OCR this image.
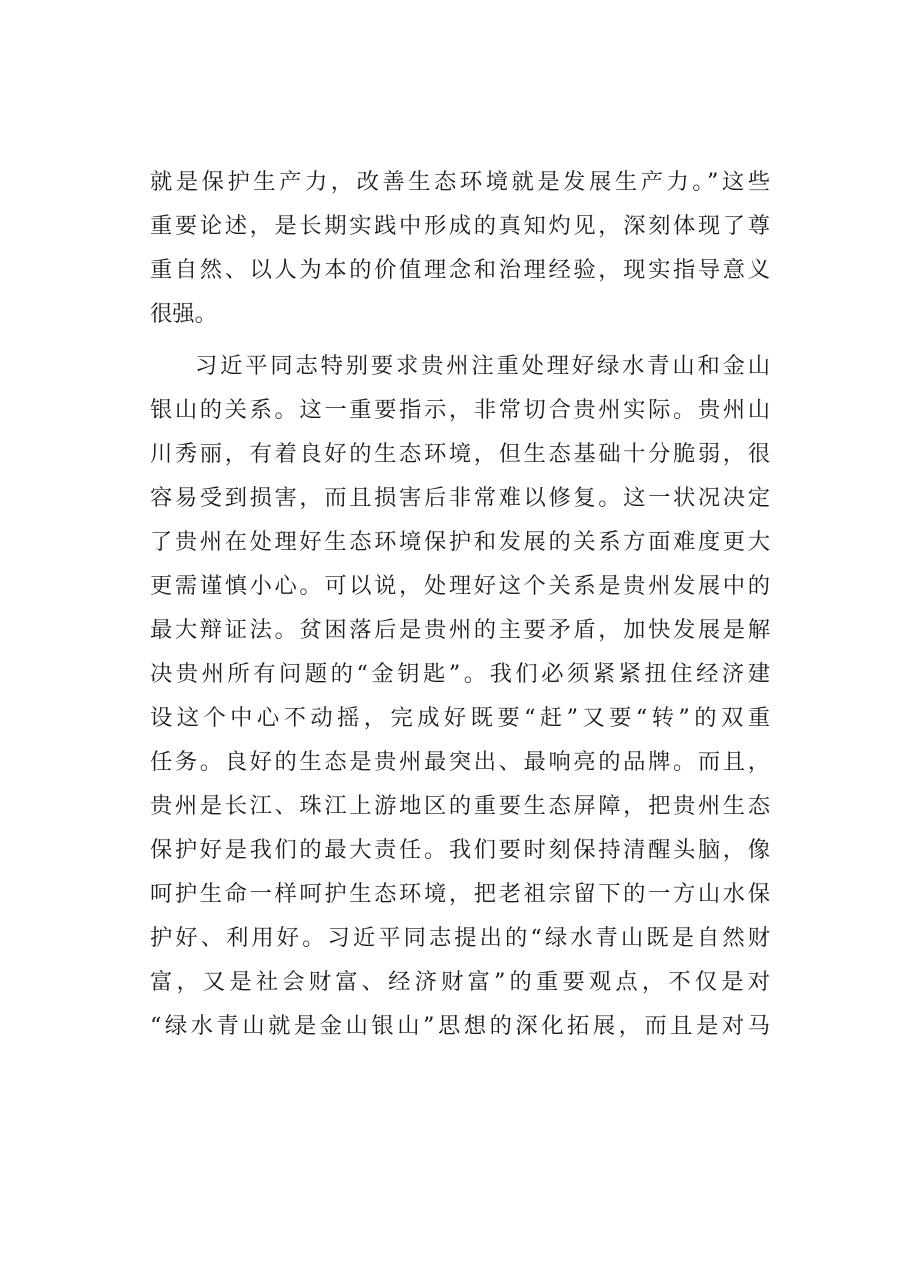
就是保护生产力，改善生态环境就是发展生产力。”这些
重要论述，是长期实践中形成的真知灼见，深刻体现了尊
重自然、以人为本的价值理念和治理经验，现实指导意义
很强。
习近平同志特别要求贵州注重处理好绿水青山和金山
银山的关系。这一重要指示，非常切合贵州实际。贵州山
川秀丽，有着良好的生态环境，但生态基础十分脆弱，很
容易受到损害，而且损害后非常难以修复。这一状况决定
了贵州在处理好生态环境保护和发展的关系方面难度更大
更需谨慎小心。可以说，处理好这个关系是贵州发展中的
最大辩证法。贫困落后是贵州的主要矛盾，加快发展是解
决贵州所有问题的“金钥匙”。我们必须紧紧扭住经济建
设这个中心不动摇，完成好既要“赶”又要“转”的双重
任务。良好的生态是贵州最突出、最响亮的品牌。而且，
贵州是长江、珠江上游地区的重要生态屏障，把贵州生态
保护好是我们的最大责任。我们要时刻保持清醒头脑，像
呵护生命一样呵护生态环境，把老祖宗留下的一方山水保
护好、利用好。习近平同志提出的“绿水青山既是自然财
富，又是社会财富、经济财富”的重要观点，不仅是对
“绿水青山就是金山银山”思想的深化拓展，而且是对马
